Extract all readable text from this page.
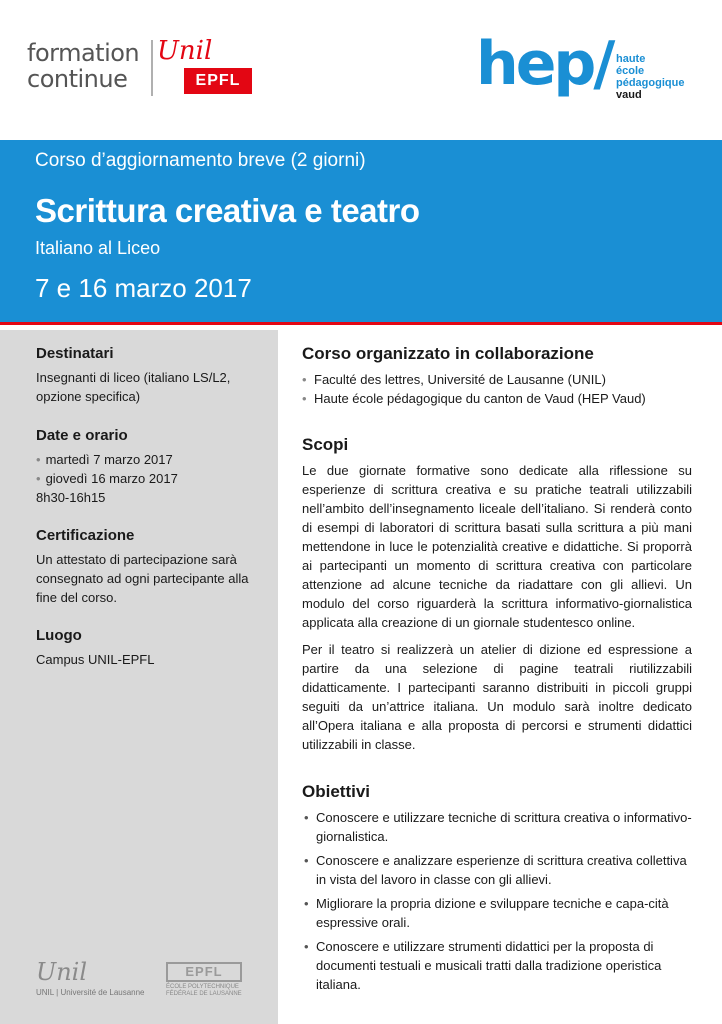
formation
continue
Unil
EPFL	hep/ haute
école
pédagogique
vaud
Corso d’aggiornamento breve (2 giorni)
Scrittura creativa e teatro
Italiano al Liceo
7 e 16 marzo 2017
Destinatari

Insegnanti di liceo (italiano LS/L2, opzione specifica)

Date e orario
• martedì 7 marzo 2017
• giovedì 16 marzo 2017

8h30-16h15

Certificazione

Un attestato di partecipazione sarà consegnato ad ogni partecipante alla fine del corso.

Luogo

Campus UNIL-EPFL

Unil
UNIL | Université de Lausanne
EPFL
ÉCOLE POLYTECHNIQUE FÉDÉRALE DE LAUSANNE
Corso organizzato in collaborazione
• Faculté des lettres, Université de Lausanne (UNIL)
• Haute école pédagogique du canton de Vaud (HEP Vaud)
Scopi

Le due giornate formative sono dedicate alla riflessione su esperienze di scrittura creativa e su pratiche teatrali utilizzabili nell’ambito dell’insegnamento liceale dell’italiano. Si renderà conto di esempi di laboratori di scrittura basati sulla scrittura a più mani mettendone in luce le potenzialità creative e didattiche. Si proporrà ai partecipanti un momento di scrittura creativa con particolare attenzione ad alcune tecniche da riadattare con gli allievi. Un modulo del corso riguarderà la scrittura informativo-giornalistica applicata alla creazione di un giornale studentesco online.

Per il teatro si realizzerà un atelier di dizione ed espressione a partire da una selezione di pagine teatrali riutilizzabili didatticamente. I partecipanti saranno distribuiti in piccoli gruppi seguiti da un’attrice italiana. Un modulo sarà inoltre dedicato all’Opera italiana e alla proposta di percorsi e strumenti didattici utilizzabili in classe.

Obiettivi
• Conoscere e utilizzare tecniche di scrittura creativa o informativo-giornalistica.
• Conoscere e analizzare esperienze di scrittura creativa collettiva in vista del lavoro in classe con gli allievi.
• Migliorare la propria dizione e sviluppare tecniche e capa-cità espressive orali.
• Conoscere e utilizzare strumenti didattici per la proposta di documenti testuali e musicali tratti dalla tradizione operistica italiana.
